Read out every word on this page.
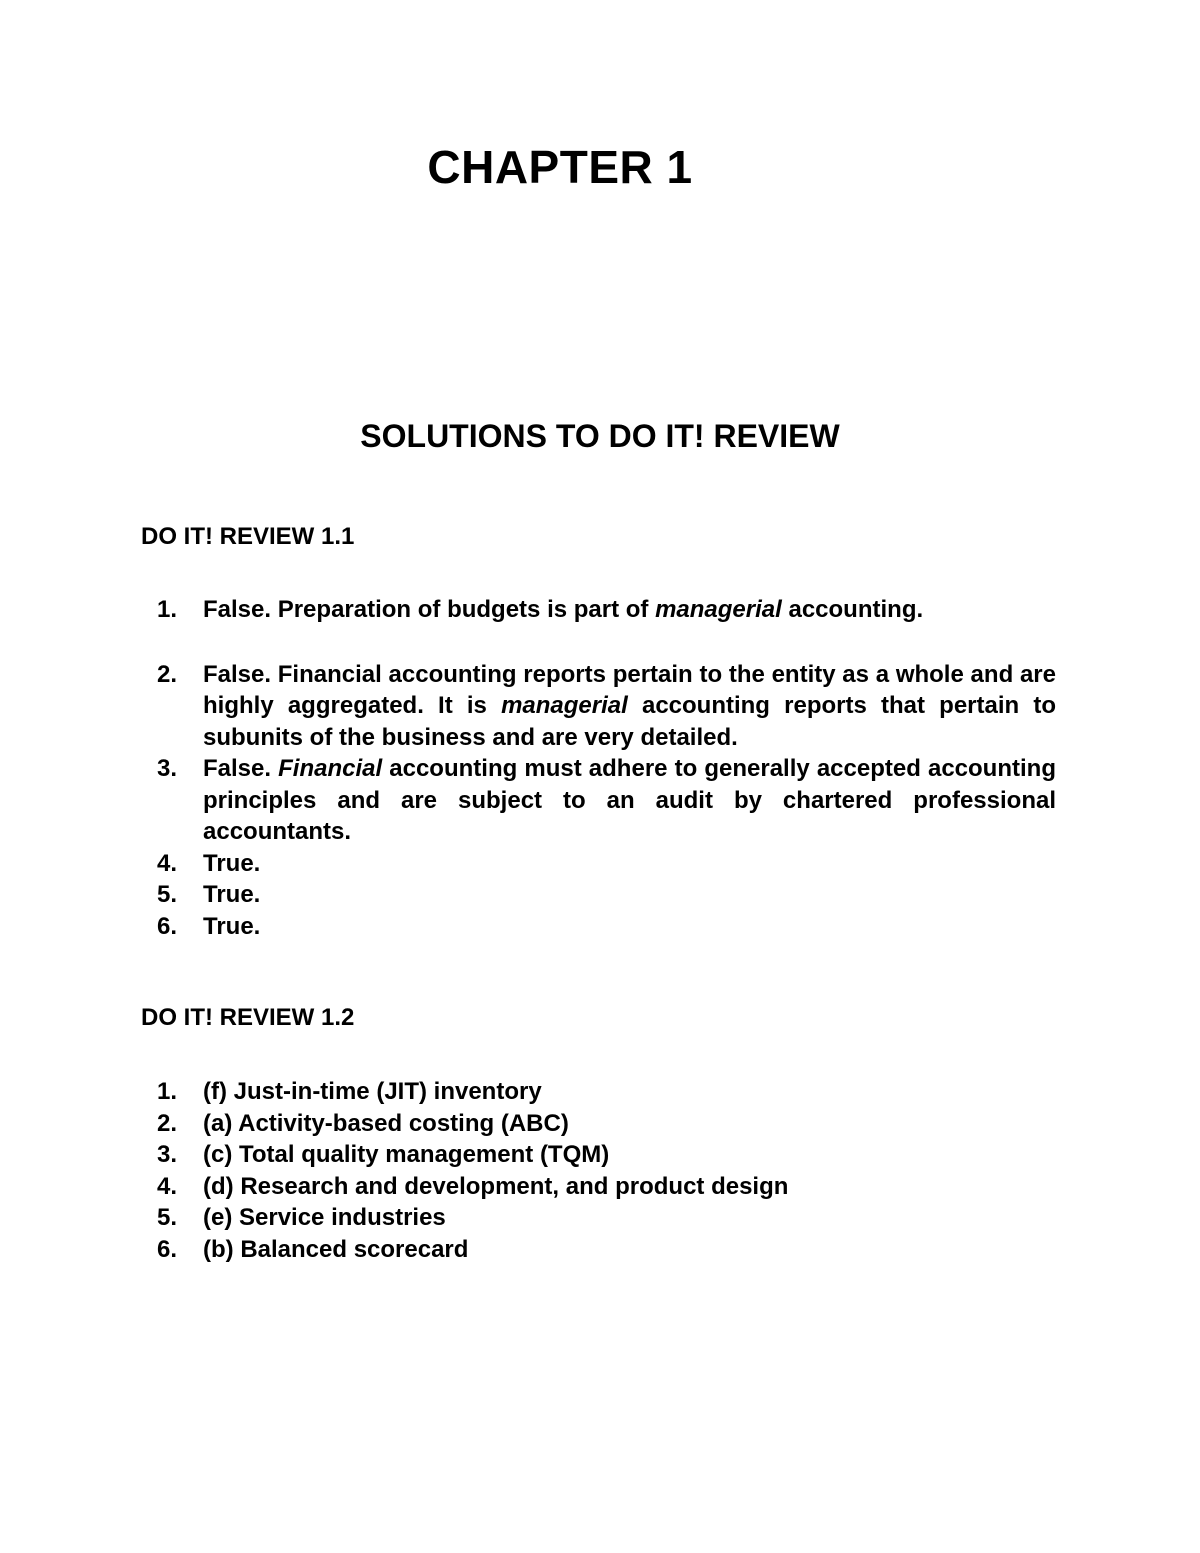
CHAPTER 1
SOLUTIONS TO DO IT! REVIEW
DO IT! REVIEW 1.1
1.	False. Preparation of budgets is part of managerial accounting.
2.	False. Financial accounting reports pertain to the entity as a whole and are highly aggregated. It is managerial accounting reports that pertain to subunits of the business and are very detailed.
3.	False. Financial accounting must adhere to generally accepted accounting principles and are subject to an audit by chartered professional accountants.
4.	True.
5.	True.
6.	True.
DO IT! REVIEW 1.2
1.	(f) Just-in-time (JIT) inventory
2.	(a) Activity-based costing (ABC)
3.	(c) Total quality management (TQM)
4.	(d) Research and development, and product design
5.	(e) Service industries
6.	(b) Balanced scorecard
